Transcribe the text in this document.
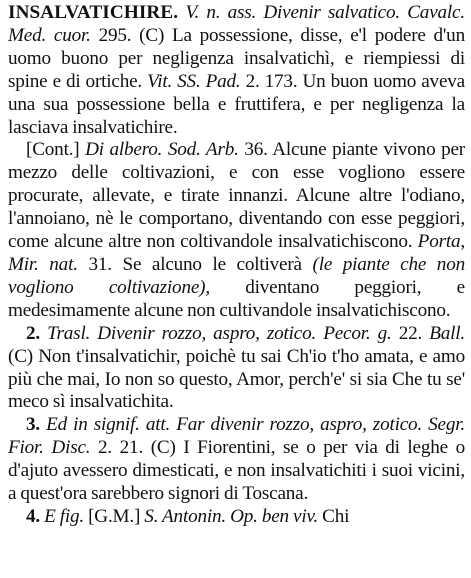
INSALVATICHIRE. V. n. ass. Divenir salvatico. Cavalc. Med. cuor. 295. (C) La possessione, disse, e'l podere d'un uomo buono per negligenza insalvatichì, e riempiessi di spine e di ortiche. Vit. SS. Pad. 2. 173. Un buon uomo aveva una sua possessione bella e fruttifera, e per negligenza la lasciava insalvatichire.

[Cont.] Di albero. Sod. Arb. 36. Alcune piante vivono per mezzo delle coltivazioni, e con esse vogliono essere procurate, allevate, e tirate innanzi. Alcune altre l'odiano, l'annoiano, nè le comportano, diventando con esse peggiori, come alcune altre non coltivandole insalvatichiscono. Porta, Mir. nat. 31. Se alcuno le coltiverà (le piante che non vogliono coltivazione), diventano peggiori, e medesimamente alcune non cultivandole insalvatichiscono.

2. Trasl. Divenir rozzo, aspro, zotico. Pecor. g. 22. Ball. (C) Non t'insalvatichir, poichè tu sai Ch'io t'ho amata, e amo più che mai, Io non so questo, Amor, perch'e' si sia Che tu se' meco sì insalvatichita.

3. Ed in signif. att. Far divenir rozzo, aspro, zotico. Segr. Fior. Disc. 2. 21. (C) I Fiorentini, se o per via di leghe o d'ajuto avessero dimesticati, e non insalvatichiti i suoi vicini, a quest'ora sarebbero signori di Toscana.

4. E fig. [G.M.] S. Antonin. Op. ben viv. Chi
